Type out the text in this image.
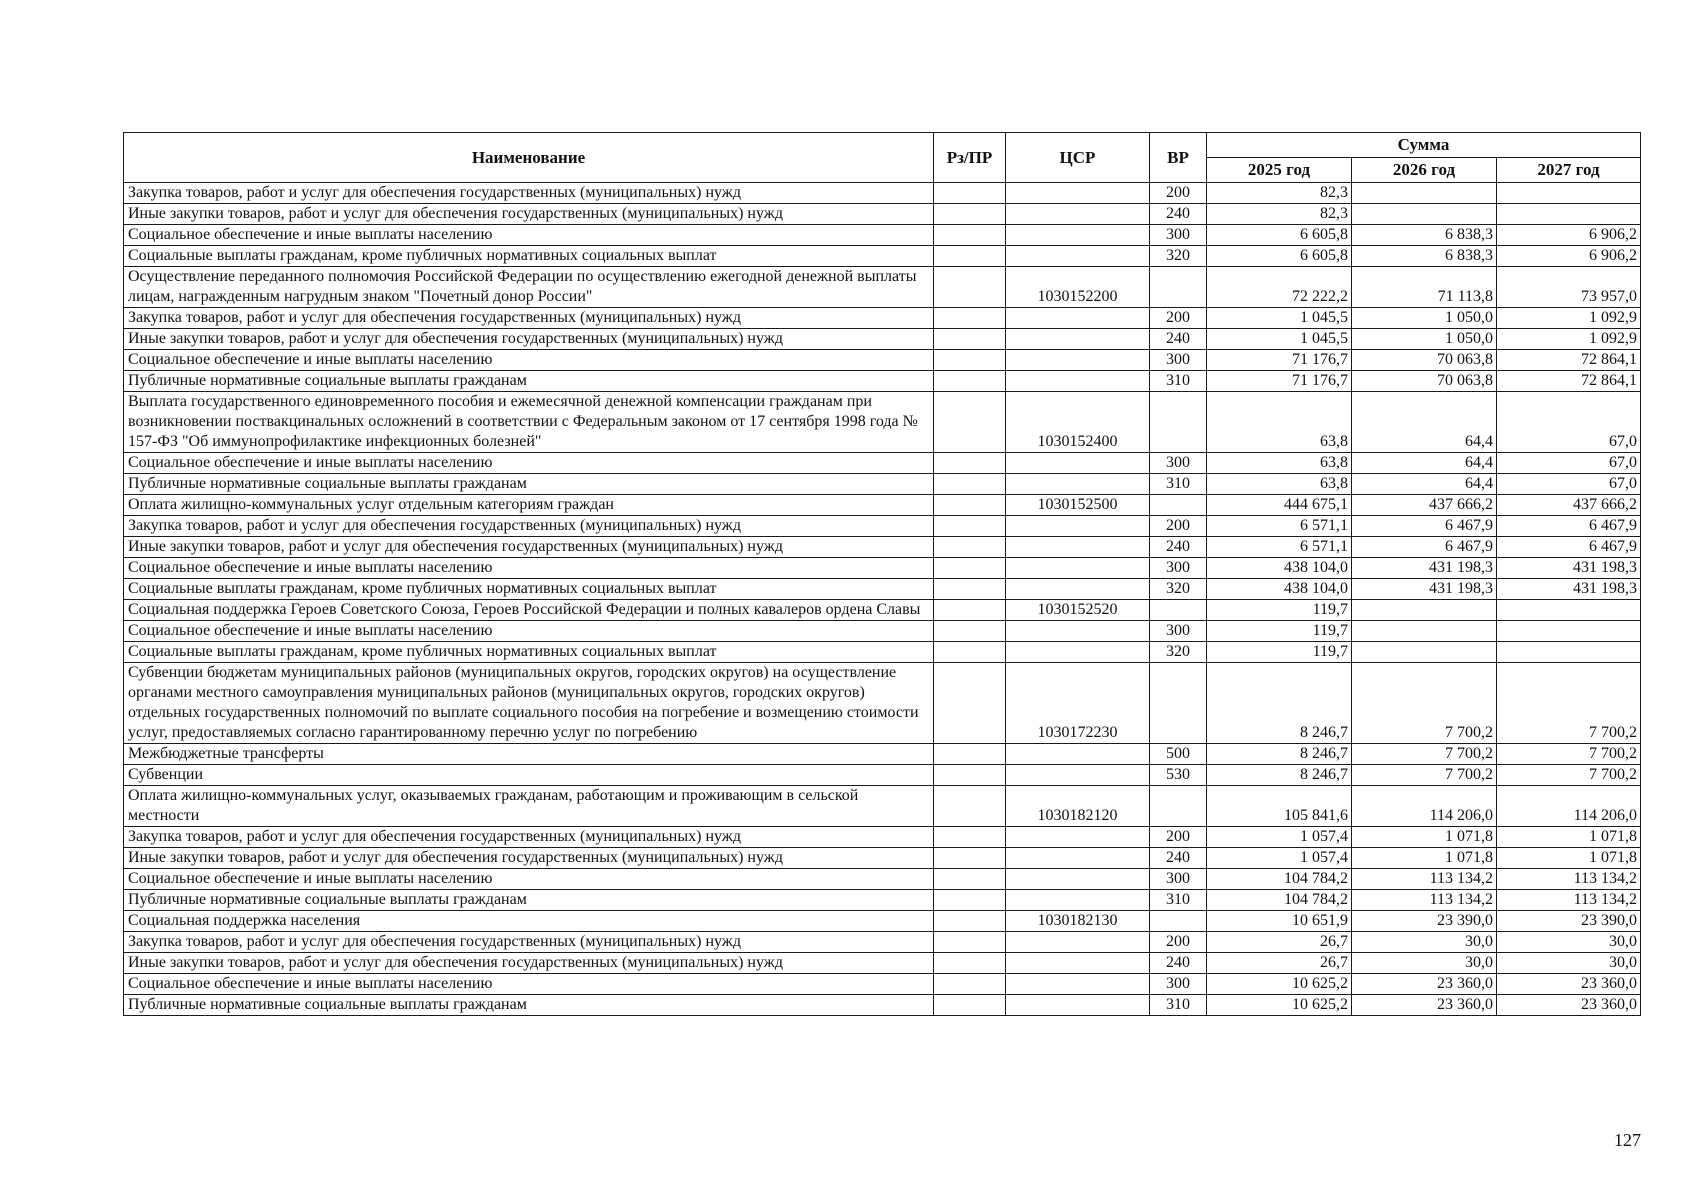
Наименование	Рз/ПР	ЦСР	ВР	Сумма		
				2025 год	2026 год	2027 год
Закупка товаров, работ и услуг для обеспечения государственных (муниципальных) нужд			200	82,3		
Иные закупки товаров, работ и услуг для обеспечения государственных (муниципальных) нужд			240	82,3		
Социальное обеспечение и иные выплаты населению			300	6 605,8	6 838,3	6 906,2
Социальные выплаты гражданам, кроме публичных нормативных социальных выплат			320	6 605,8	6 838,3	6 906,2
Осуществление переданного полномочия Российской Федерации по осуществлению ежегодной денежной выплаты лицам, награжденным нагрудным знаком "Почетный донор России"		1030152200		72 222,2	71 113,8	73 957,0
Закупка товаров, работ и услуг для обеспечения государственных (муниципальных) нужд			200	1 045,5	1 050,0	1 092,9
Иные закупки товаров, работ и услуг для обеспечения государственных (муниципальных) нужд			240	1 045,5	1 050,0	1 092,9
Социальное обеспечение и иные выплаты населению			300	71 176,7	70 063,8	72 864,1
Публичные нормативные социальные выплаты гражданам			310	71 176,7	70 063,8	72 864,1
Выплата государственного единовременного пособия и ежемесячной денежной компенсации гражданам при возникновении поствакцинальных осложнений в соответствии с Федеральным законом от 17 сентября 1998 года № 157-ФЗ "Об иммунопрофилактике инфекционных болезней"		1030152400		63,8	64,4	67,0
Социальное обеспечение и иные выплаты населению			300	63,8	64,4	67,0
Публичные нормативные социальные выплаты гражданам			310	63,8	64,4	67,0
Оплата жилищно-коммунальных услуг отдельным категориям граждан		1030152500		444 675,1	437 666,2	437 666,2
Закупка товаров, работ и услуг для обеспечения государственных (муниципальных) нужд			200	6 571,1	6 467,9	6 467,9
Иные закупки товаров, работ и услуг для обеспечения государственных (муниципальных) нужд			240	6 571,1	6 467,9	6 467,9
Социальное обеспечение и иные выплаты населению			300	438 104,0	431 198,3	431 198,3
Социальные выплаты гражданам, кроме публичных нормативных социальных выплат			320	438 104,0	431 198,3	431 198,3
Социальная поддержка Героев Советского Союза, Героев Российской Федерации и полных кавалеров ордена Славы		1030152520		119,7		
Социальное обеспечение и иные выплаты населению			300	119,7		
Социальные выплаты гражданам, кроме публичных нормативных социальных выплат			320	119,7		
Субвенции бюджетам муниципальных районов (муниципальных округов, городских округов) на осуществление органами местного самоуправления муниципальных районов (муниципальных округов, городских округов) отдельных государственных полномочий по выплате социального пособия на погребение и возмещению стоимости услуг, предоставляемых согласно гарантированному перечню услуг по погребению		1030172230		8 246,7	7 700,2	7 700,2
Межбюджетные трансферты			500	8 246,7	7 700,2	7 700,2
Субвенции			530	8 246,7	7 700,2	7 700,2
Оплата жилищно-коммунальных услуг, оказываемых гражданам, работающим и проживающим в сельской местности		1030182120		105 841,6	114 206,0	114 206,0
Закупка товаров, работ и услуг для обеспечения государственных (муниципальных) нужд			200	1 057,4	1 071,8	1 071,8
Иные закупки товаров, работ и услуг для обеспечения государственных (муниципальных) нужд			240	1 057,4	1 071,8	1 071,8
Социальное обеспечение и иные выплаты населению			300	104 784,2	113 134,2	113 134,2
Публичные нормативные социальные выплаты гражданам			310	104 784,2	113 134,2	113 134,2
Социальная поддержка населения		1030182130		10 651,9	23 390,0	23 390,0
Закупка товаров, работ и услуг для обеспечения государственных (муниципальных) нужд			200	26,7	30,0	30,0
Иные закупки товаров, работ и услуг для обеспечения государственных (муниципальных) нужд			240	26,7	30,0	30,0
Социальное обеспечение и иные выплаты населению			300	10 625,2	23 360,0	23 360,0
Публичные нормативные социальные выплаты гражданам			310	10 625,2	23 360,0	23 360,0
127
